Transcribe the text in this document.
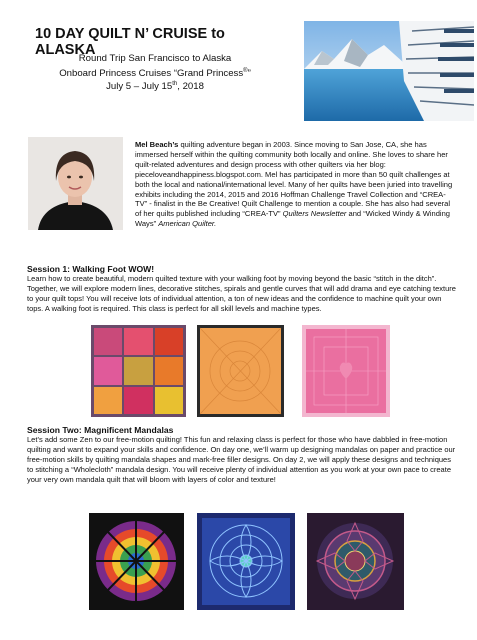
10 DAY QUILT N’ CRUISE to ALASKA
Round Trip San Francisco to Alaska
Onboard Princess Cruises “Grand Princess®”
July 5 – July 15th, 2018
Mel Beach’s quilting adventure began in 2003. Since moving to San Jose, CA, she has immersed herself within the quilting community both locally and online. She loves to share her quilt-related adventures and design process with other quilters via her blog: pieceloveandhappiness.blogspot.com. Mel has participated in more than 50 quilt challenges at both the local and national/international level. Many of her quilts have been juried into travelling exhibits including the 2014, 2015 and 2016 Hoffman Challenge Travel Collection and “CREA-TV” - finalist in the Be Creative! Quilt Challenge to mention a couple. She has also had several of her quilts published including “CREA-TV” Quilters Newsletter and “Wicked Windy & Winding Ways” American Quilter.
Session 1: Walking Foot WOW!
Learn how to create beautiful, modern quilted texture with your walking foot by moving beyond the basic “stitch in the ditch”. Together, we will explore modern lines, decorative stitches, spirals and gentle curves that will add drama and eye catching texture to your quilt tops! You will receive lots of individual attention, a ton of new ideas and the confidence to machine quilt your own tops. A walking foot is required. This class is perfect for all skill levels and machine types.
Session Two: Magnificent Mandalas
Let’s add some Zen to our free-motion quilting! This fun and relaxing class is perfect for those who have dabbled in free-motion quilting and want to expand your skills and confidence. On day one, we’ll warm up designing mandalas on paper and practice our free-motion skills by quilting mandala shapes and mark-free filler designs. On day 2, we will apply these designs and techniques to stitching a “Wholecloth” mandala design. You will receive plenty of individual attention as you work at your own pace to create your very own mandala quilt that will bloom with layers of color and texture!
